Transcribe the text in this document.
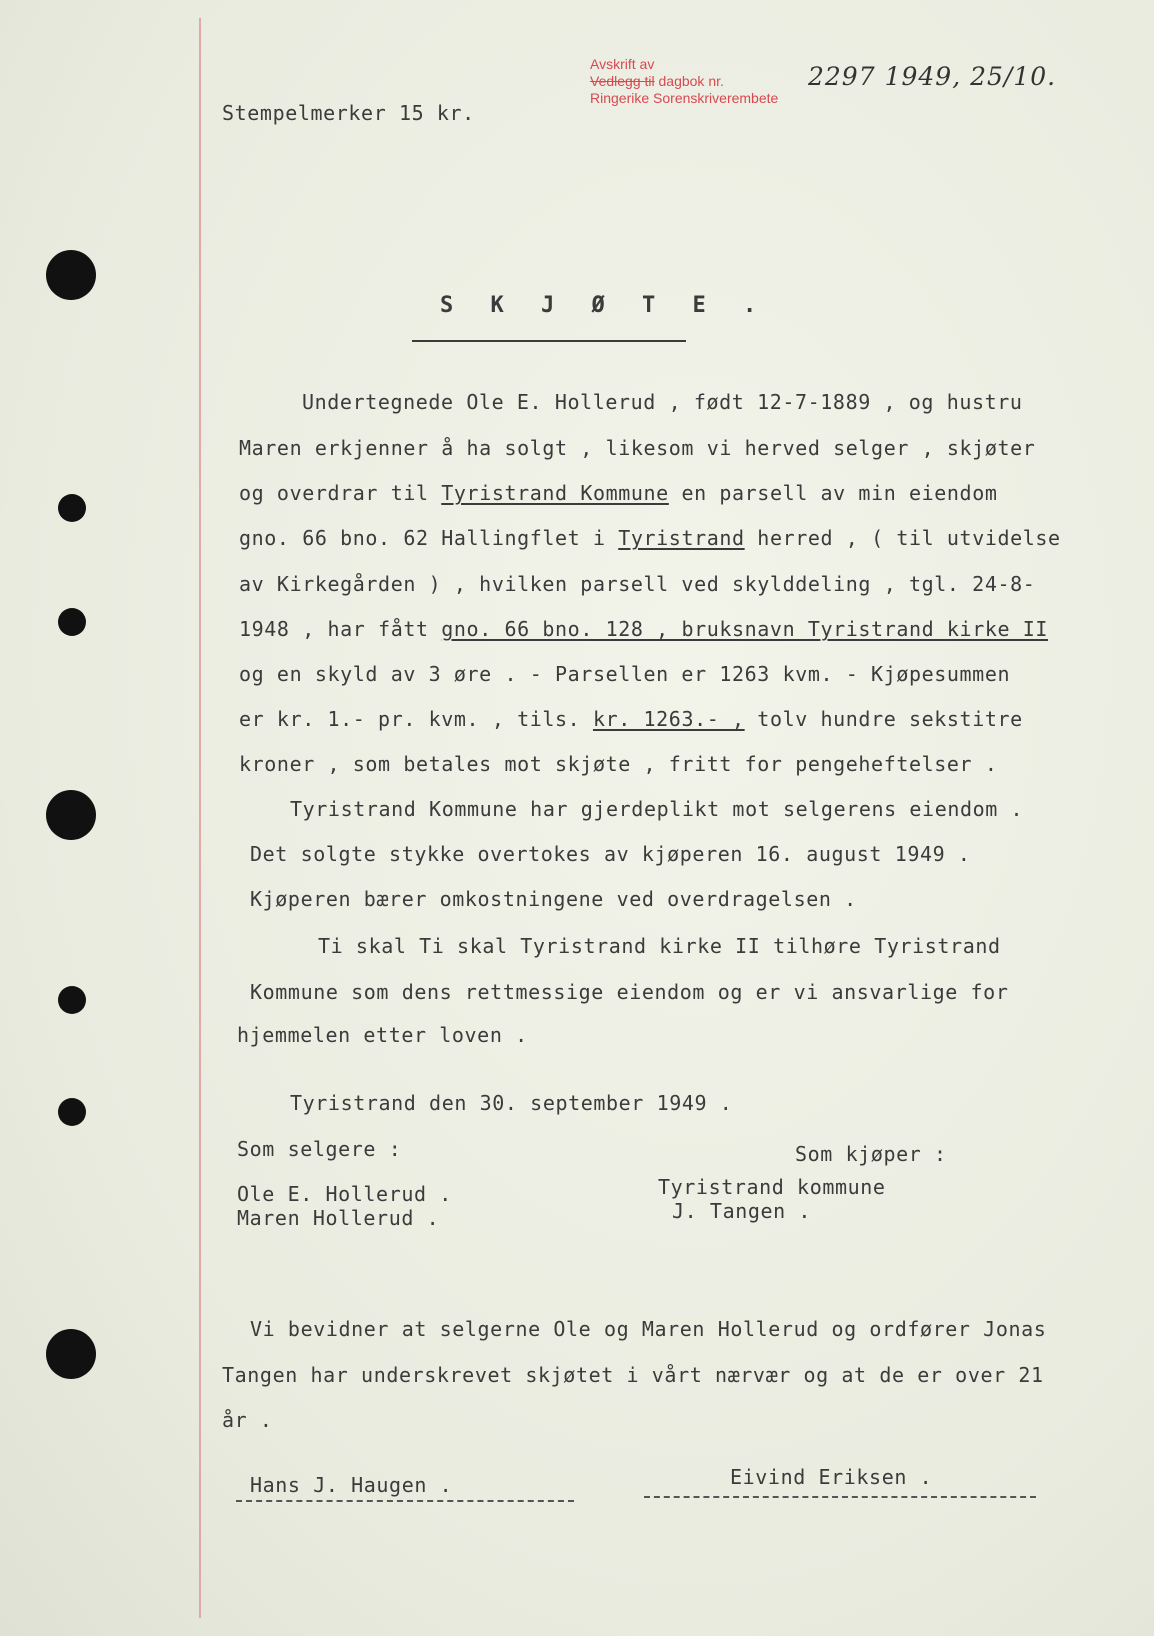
Avskrift av
Vedlegg til dagbok nr.
Ringerike Sorenskriverembete
2297 1949, 25/10.
Stempelmerker 15 kr.
S K J Ø T E .
Undertegnede Ole E. Hollerud , født 12-7-1889 , og hustru
Maren erkjenner å ha solgt , likesom vi herved selger , skjøter
og overdrar til Tyristrand Kommune en parsell av min eiendom
gno. 66 bno. 62 Hallingflet i Tyristrand herred , ( til utvidelse
av Kirkegården ) , hvilken parsell ved skylddeling , tgl. 24-8-
1948 , har fått gno. 66 bno. 128 , bruksnavn Tyristrand kirke II
og en skyld av 3 øre . - Parsellen er 1263 kvm. - Kjøpesummen
er kr. 1.- pr. kvm. , tils. kr. 1263.- , tolv hundre sekstitre
kroner , som betales mot skjøte , fritt for pengeheftelser .
Tyristrand Kommune har gjerdeplikt mot selgerens eiendom .
Det solgte stykke overtokes av kjøperen 16. august 1949 .
Kjøperen bærer omkostningene ved overdragelsen .
Ti skal Ti skal Tyristrand kirke II tilhøre Tyristrand
Kommune som dens rettmessige eiendom og er vi ansvarlige for
hjemmelen etter loven .
Tyristrand den 30. september 1949 .
Som selgere :
Ole E. Hollerud .
Maren Hollerud .
Som kjøper :
Tyristrand kommune
J. Tangen .
Vi bevidner at selgerne Ole og Maren Hollerud og ordfører Jonas
Tangen har underskrevet skjøtet i vårt nærvær og at de er over 21
år .
Hans J. Haugen .	Eivind Eriksen .
